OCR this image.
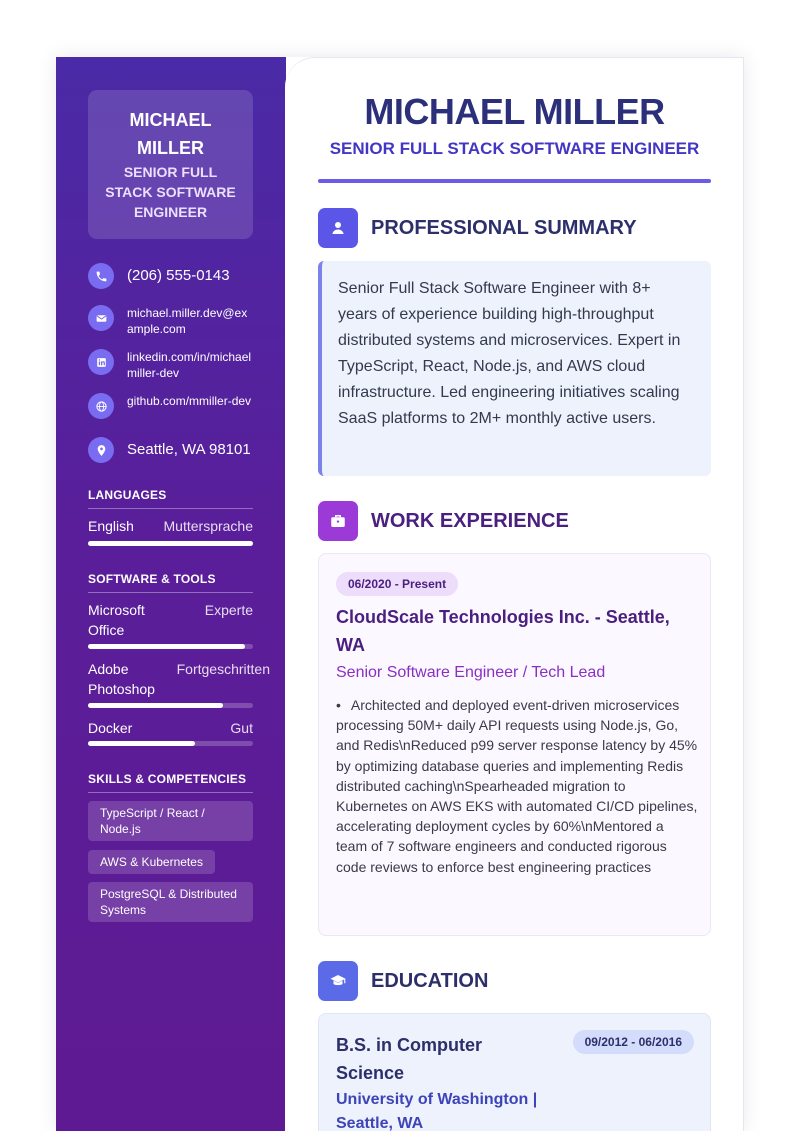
MICHAEL MILLER
SENIOR FULL STACK SOFTWARE ENGINEER
(206) 555-0143
michael.miller.dev@example.com
linkedin.com/in/michaelmiller-dev
github.com/mmiller-dev
Seattle, WA 98101
LANGUAGES
English Muttersprache
SOFTWARE & TOOLS
Microsoft Office
Experte
Adobe Photoshop
Fortgeschritten
Docker	Gut
SKILLS & COMPETENCIES
TypeScript / React / Node.js
AWS & Kubernetes
PostgreSQL & Distributed Systems
MICHAEL MILLER
SENIOR FULL STACK SOFTWARE ENGINEER
PROFESSIONAL SUMMARY
Senior Full Stack Software Engineer with 8+ years of experience building high-throughput distributed systems and microservices. Expert in TypeScript, React, Node.js, and AWS cloud infrastructure. Led engineering initiatives scaling SaaS platforms to 2M+ monthly active users.
WORK EXPERIENCE
06/2020 - Present
CloudScale Technologies Inc. - Seattle, WA
Senior Software Engineer / Tech Lead
• Architected and deployed event-driven microservices processing 50M+ daily API requests using Node.js, Go, and Redis\nReduced p99 server response latency by 45% by optimizing database queries and implementing Redis distributed caching\nSpearheaded migration to Kubernetes on AWS EKS with automated CI/CD pipelines, accelerating deployment cycles by 60%\nMentored a team of 7 software engineers and conducted rigorous code reviews to enforce best engineering practices
EDUCATION
B.S. in Computer Science
09/2012 - 06/2016
University of Washington | Seattle, WA
